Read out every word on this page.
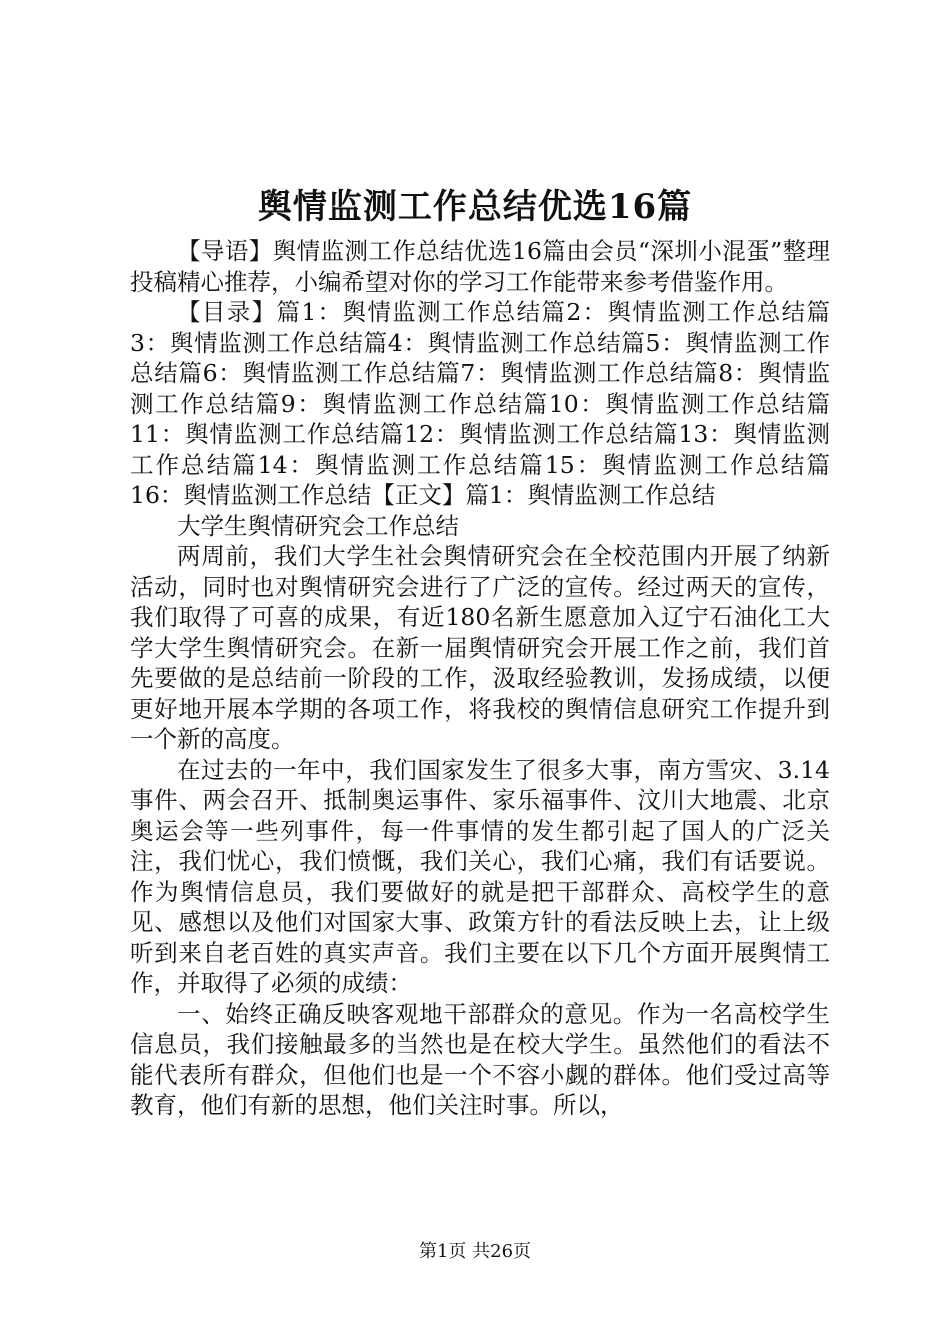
舆情监测工作总结优选16篇

【导语】舆情监测工作总结优选16篇由会员“深圳小混蛋”整理投稿精心推荐，小编希望对你的学习工作能带来参考借鉴作用。

【目录】篇1：舆情监测工作总结篇2：舆情监测工作总结篇3：舆情监测工作总结篇4：舆情监测工作总结篇5：舆情监测工作总结篇6：舆情监测工作总结篇7：舆情监测工作总结篇8：舆情监测工作总结篇9：舆情监测工作总结篇10：舆情监测工作总结篇11：舆情监测工作总结篇12：舆情监测工作总结篇13：舆情监测工作总结篇14：舆情监测工作总结篇15：舆情监测工作总结篇16：舆情监测工作总结【正文】篇1：舆情监测工作总结

大学生舆情研究会工作总结

两周前，我们大学生社会舆情研究会在全校范围内开展了纳新活动，同时也对舆情研究会进行了广泛的宣传。经过两天的宣传，我们取得了可喜的成果，有近180名新生愿意加入辽宁石油化工大学大学生舆情研究会。在新一届舆情研究会开展工作之前，我们首先要做的是总结前一阶段的工作，汲取经验教训，发扬成绩，以便更好地开展本学期的各项工作，将我校的舆情信息研究工作提升到一个新的高度。

在过去的一年中，我们国家发生了很多大事，南方雪灾、3.14事件、两会召开、抵制奥运事件、家乐福事件、汶川大地震、北京奥运会等一些列事件，每一件事情的发生都引起了国人的广泛关注，我们忧心，我们愤慨，我们关心，我们心痛，我们有话要说。作为舆情信息员，我们要做好的就是把干部群众、高校学生的意见、感想以及他们对国家大事、政策方针的看法反映上去，让上级听到来自老百姓的真实声音。我们主要在以下几个方面开展舆情工作，并取得了必须的成绩：

一、始终正确反映客观地干部群众的意见。作为一名高校学生信息员，我们接触最多的当然也是在校大学生。虽然他们的看法不能代表所有群众，但他们也是一个不容小觑的群体。他们受过高等教育，他们有新的思想，他们关注时事。所以，

第1页 共26页
